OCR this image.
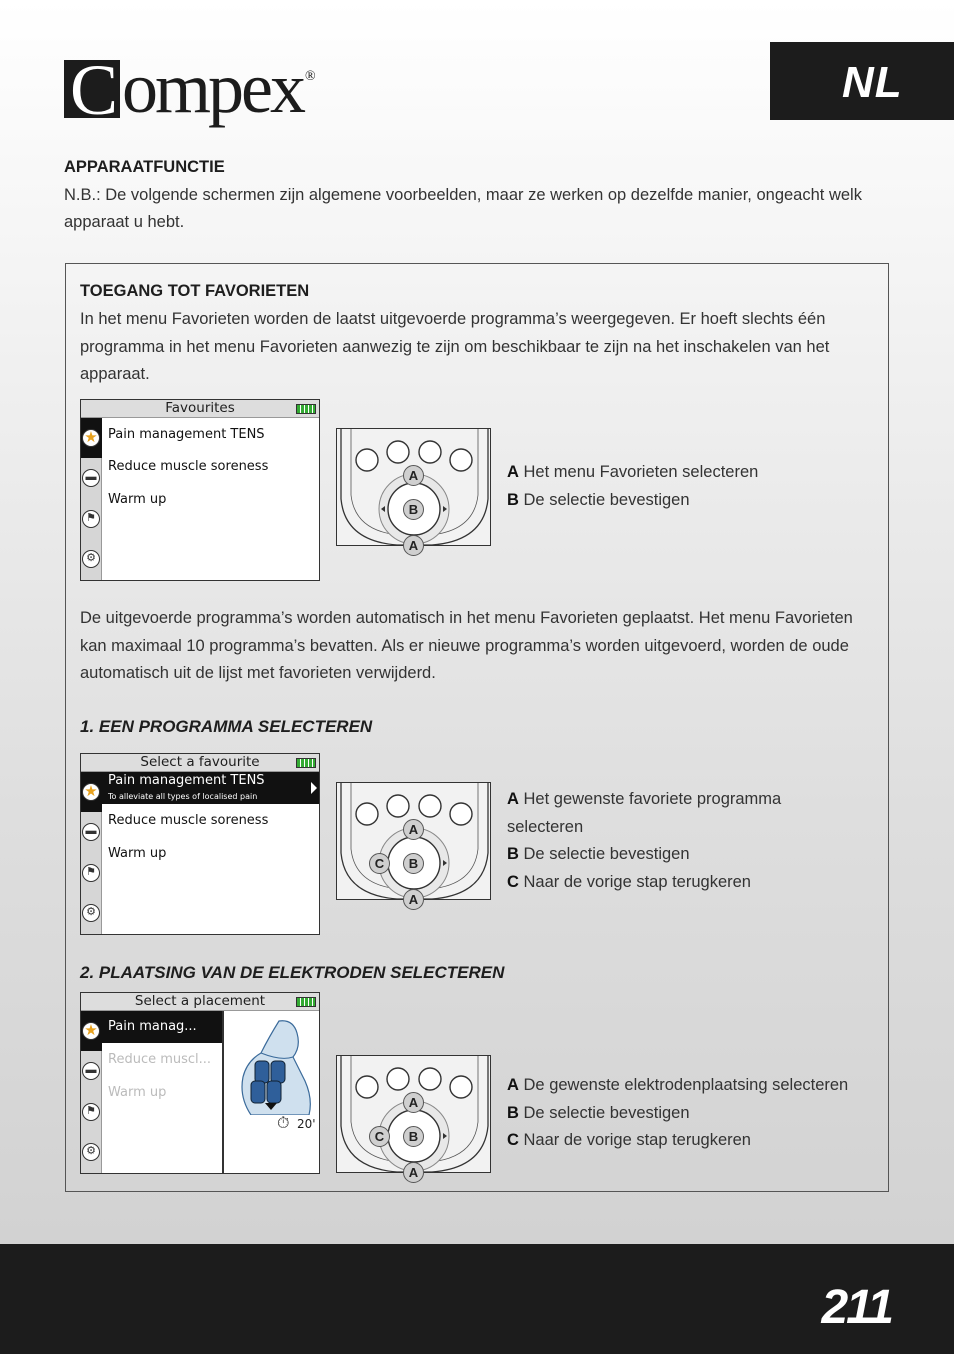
C ompex ®	NL
APPARAATFUNCTIE
N.B.: De volgende schermen zijn algemene voorbeelden, maar ze werken op dezelfde manier, ongeacht welk apparaat u hebt.
TOEGANG TOT FAVORIETEN
In het menu Favorieten worden de laatst uitgevoerde programma’s weergegeven. Er hoeft slechts één programma in het menu Favorieten aanwezig te zijn om beschikbaar te zijn na het inschakelen van het apparaat.
Favourites
★
▬
⚑
⚙
Pain management TENS
Reduce muscle soreness
Warm up
A
B
A
A Het menu Favorieten selecteren
B De selectie bevestigen
De uitgevoerde programma’s worden automatisch in het menu Favorieten geplaatst. Het menu Favorieten kan maximaal 10 programma’s bevatten. Als er nieuwe programma’s worden uitgevoerd, worden de oude automatisch uit de lijst met favorieten verwijderd.
1. EEN PROGRAMMA SELECTEREN
Select a favourite
★
▬
⚑
⚙
Pain management TENS
To alleviate all types of localised pain
Reduce muscle soreness
Warm up
A
C	B
A
A Het gewenste favoriete programma
selecteren
B De selectie bevestigen
C Naar de vorige stap terugkeren
2. PLAATSING VAN DE ELEKTRODEN SELECTEREN
Select a placement
★
▬
⚑
⚙
Pain manag...
Reduce muscl...
Warm up
⏱ 20'
A
C	B
A
A De gewenste elektrodenplaatsing selecteren
B De selectie bevestigen
C Naar de vorige stap terugkeren
211
